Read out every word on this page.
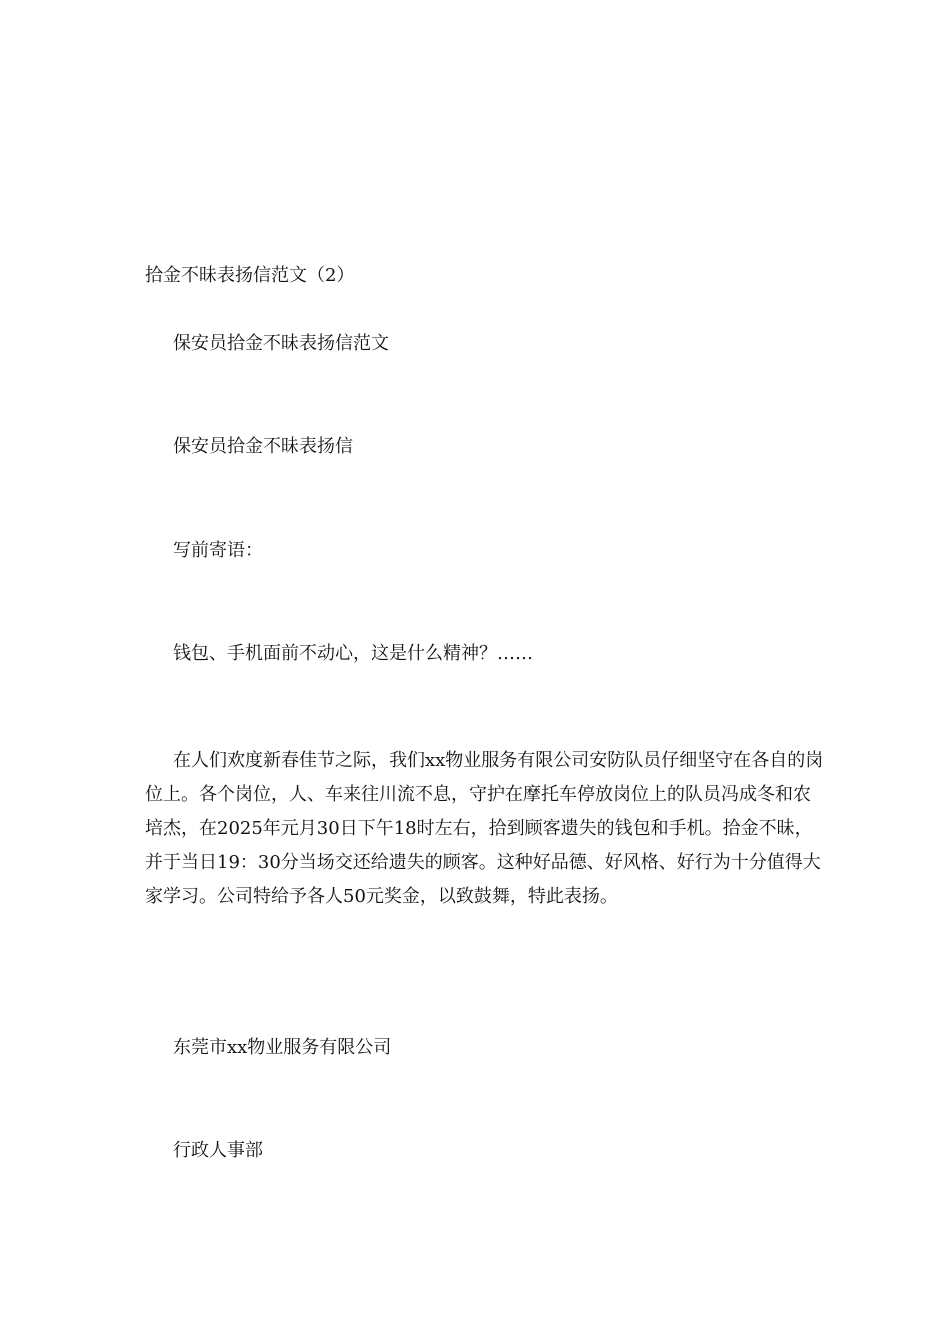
拾金不昧表扬信范文（2）

保安员拾金不昧表扬信范文

保安员拾金不昧表扬信

写前寄语：

钱包、手机面前不动心，这是什么精神？……

在人们欢度新春佳节之际，我们xx物业服务有限公司安防队员仔细坚守在各自的岗位上。各个岗位，人、车来往川流不息，守护在摩托车停放岗位上的队员冯成冬和农培杰，在2025年元月30日下午18时左右，拾到顾客遗失的钱包和手机。拾金不昧，并于当日19：30分当场交还给遗失的顾客。这种好品德、好风格、好行为十分值得大家学习。公司特给予各人50元奖金，以致鼓舞，特此表扬。

东莞市xx物业服务有限公司

行政人事部
